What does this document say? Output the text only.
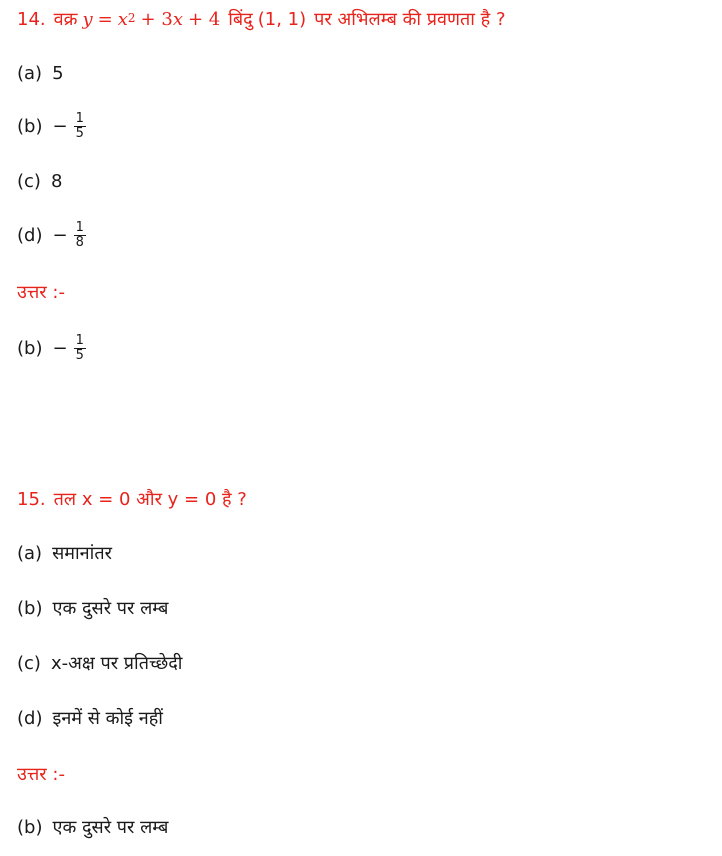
14. वक्र $y = x^2 + 3$ x + 4 बिंदु (1, 1) पर अभिलम्ब की प्रवणता है ?
(a) 5
$(b) - \frac{1}{5}$
(c) 8
$(d) - \frac{1}{8}$
उत्तर :-
$(b) - \frac{1}{5}$
15. तल x = 0 और y = 0 है ?
(a) समानांतर
(b) एक दुसरे पर लम्ब
(c) x-अक्ष पर प्रतिच्छेदी
(d) इनमें से कोई नहीं
उत्तर :-
(b) एक दुसरे पर लम्ब
